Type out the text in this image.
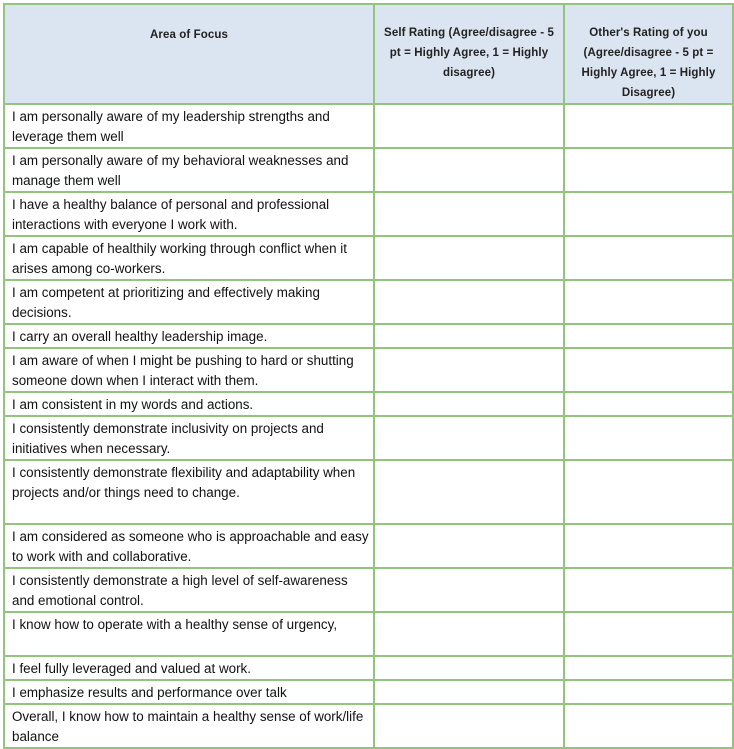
Area of Focus	Self Rating (Agree/disagree - 5 pt = Highly Agree, 1 = Highly disagree)	Other's Rating of you (Agree/disagree - 5 pt = Highly Agree, 1 = Highly Disagree)
I am personally aware of my leadership strengths and leverage them well		
I am personally aware of my behavioral weaknesses and manage them well		
I have a healthy balance of personal and professional interactions with everyone I work with.		
I am capable of healthily working through conflict when it arises among co-workers.		
I am competent at prioritizing and effectively making decisions.		
I carry an overall healthy leadership image.		
I am aware of when I might be pushing to hard or shutting someone down when I interact with them.		
I am consistent in my words and actions.		
I consistently demonstrate inclusivity on projects and initiatives when necessary.		
I consistently demonstrate flexibility and adaptability when projects and/or things need to change.		
I am considered as someone who is approachable and easy to work with and collaborative.		
I consistently demonstrate a high level of self-awareness and emotional control.		
I know how to operate with a healthy sense of urgency,		
I feel fully leveraged and valued at work.		
I emphasize results and performance over talk		
Overall, I know how to maintain a healthy sense of work/life balance		
